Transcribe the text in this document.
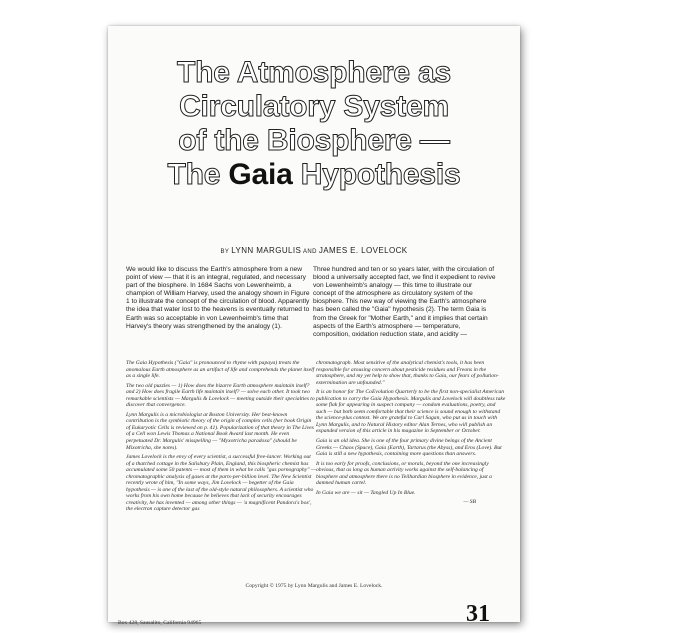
The Atmosphere as
Circulatory System
of the Biosphere —
The Gaia Hypothesis
BY LYNN MARGULIS AND JAMES E. LOVELOCK
We would like to discuss the Earth's atmosphere from a new point of view — that it is an integral, regulated, and necessary part of the biosphere. In 1684 Sachs von Lewenheimb, a champion of William Harvey, used the analogy shown in Figure 1 to illustrate the concept of the circulation of blood. Apparently the idea that water lost to the heavens is eventually returned to Earth was so acceptable in von Lewenheimb's time that Harvey's theory was strengthened by the analogy (1).
Three hundred and ten or so years later, with the circulation of blood a universally accepted fact, we find it expedient to revive von Lewenheimb's analogy — this time to illustrate our concept of the atmosphere as circulatory system of the biosphere. This new way of viewing the Earth's atmosphere has been called the "Gaia" hypothesis (2). The term Gaia is from the Greek for "Mother Earth," and it implies that certain aspects of the Earth's atmosphere — temperature, composition, oxidation reduction state, and acidity —

The Gaia Hypothesis ("Gaia" is pronounced to rhyme with papaya) treats the anomalous Earth atmosphere as an artifact of life and comprehends the planet itself as a single life.

The two old puzzles — 1) How does the bizarre Earth atmosphere maintain itself? and 2) How does fragile Earth life maintain itself? — solve each other. It took two remarkable scientists — Margulis & Lovelock — meeting outside their specialties to discover that convergence.

Lynn Margulis is a microbiologist at Boston University. Her best-known contribution is the symbiotic theory of the origin of complex cells (her book Origin of Eukaryotic Cells is reviewed on p. 41). Popularization of that theory in The Lives of a Cell won Lewis Thomas a National Book Award last month. He even perpetuated Dr. Margulis' misspelling — "Myxotricha paradoxa" (should be Mixotricha, she notes).

James Lovelock is the envy of every scientist, a successful free-lancer. Working out of a thatched cottage in the Salisbury Plain, England, this biospheric chemist has accumulated some 50 patents — most of them in what he calls "gas pornography" — chromatographic analysis of gases at the parts-per-billion level. The New Scientist recently wrote of him, "In some ways, Jim Lovelock — begetter of the Gaia hypothesis — is one of the last of the old-style natural philosophers. A scientist who works from his own home because he believes that lack of security encourages creativity, he has invented — among other things — 'a magnificent Pandora's box', the electron capture detector gas

chromatograph. Most sensitive of the analytical chemist's tools, it has been responsible for arousing concern about pesticide residues and Freons in the stratosphere, and my yet help to show that, thanks to Gaia, our fears of pollution-extermination are unfounded."

It is an honor for The CoEvolution Quarterly to be the first non-specialist American publication to carry the Gaia Hypothesis. Margulis and Lovelock will doubtless take some flak for appearing in suspect company — condom evaluations, poetry, and such — but both seem comfortable that their science is sound enough to withstand the science-plus context. We are grateful to Carl Sagan, who put us in touch with Lynn Margulis, and to Natural History editor Alan Ternes, who will publish an expanded version of this article in his magazine in September or October.

Gaia is an old idea. She is one of the four primary divine beings of the Ancient Greeks — Chaos (Space), Gaia (Earth), Tartarus (the Abyss), and Eros (Love). But Gaia is still a new hypothesis, containing more questions than answers.

It is too early for proofs, conclusions, or morals, beyond the one increasingly obvious, that as long as human activity works against the self-balancing of biosphere and atmosphere there is no Teilhardian biosphere in evidence, just a damned human cartel.

In Gaia we are — sit — Tangled Up In Blue.

— SB

Copyright © 1975 by Lynn Margulis and James E. Lovelock.
31
Box 428, Sausalito, California 94965
